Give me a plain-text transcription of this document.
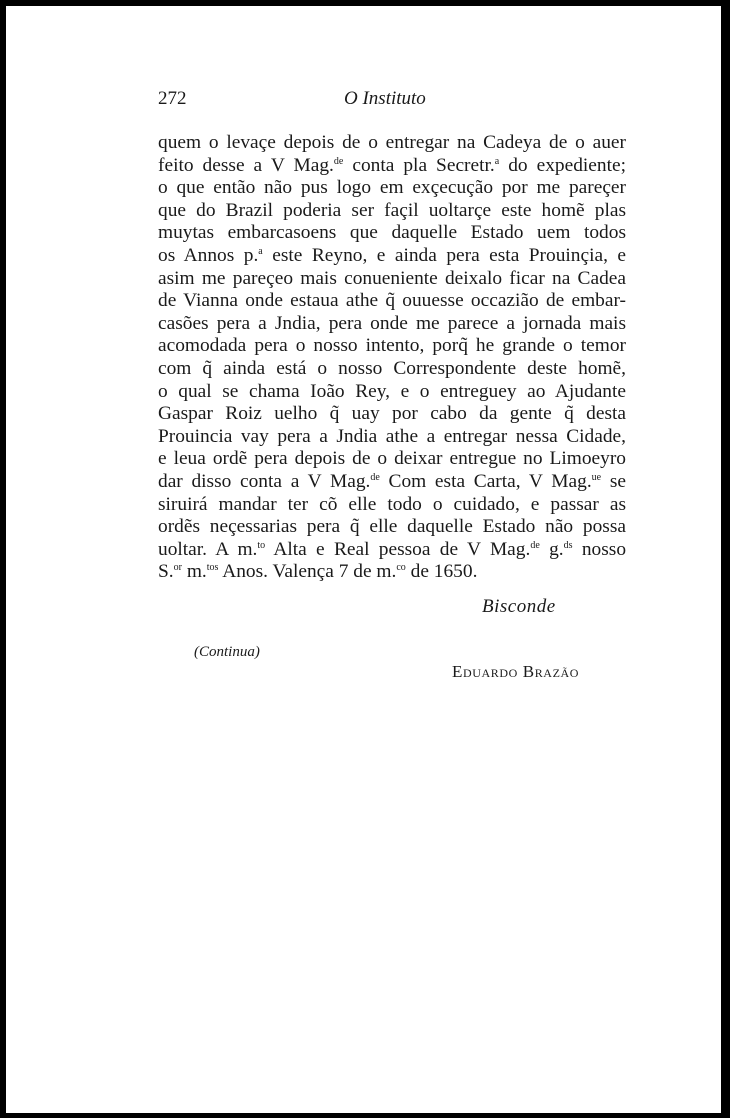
272	O Instituto
quem o levaçe depois de o entregar na Cadeya de o auer
feito desse a V Mag.$^{de}$ conta pla Secretr.$^a$ do expediente;
o que então não pus logo em exçecução por me pareçer
que do Brazil poderia ser façil uoltarçe este homẽ plas
muytas embarcasoens que daquelle Estado uem todos
os Annos p.$^a$ este Reyno, e ainda pera esta Prouinçia, e
asim me pareçeo mais conueniente deixalo ficar na Cadea
de Vianna onde estaua athe q̃ ouuesse occazião de embar-
casões pera a Jndia, pera onde me parece a jornada mais
acomodada pera o nosso intento, porq̃ he grande o temor
com q̃ ainda está o nosso Correspondente deste homẽ,
o qual se chama Ioão Rey, e o entreguey ao Ajudante
Gaspar Roiz uelho q̃ uay por cabo da gente q̃ desta
Prouincia vay pera a Jndia athe a entregar nessa Cidade,
e leua ordẽ pera depois de o deixar entregue no Limoeyro
dar disso conta a V Mag.$^{de}$ Com esta Carta, V Mag.$^{ue}$ se
siruirá mandar ter cõ elle todo o cuidado, e passar as
ordẽs neçessarias pera q̃ elle daquelle Estado não possa
uoltar. A m.$^{to}$ Alta e Real pessoa de V Mag.$^{de}$ g.$^{ds}$ nosso
S.$^{or}$ m.$^{tos}$ Anos. Valença 7 de m.$^{co}$ de 1650.
Bisconde
(Continua)
Eduardo Brazão
